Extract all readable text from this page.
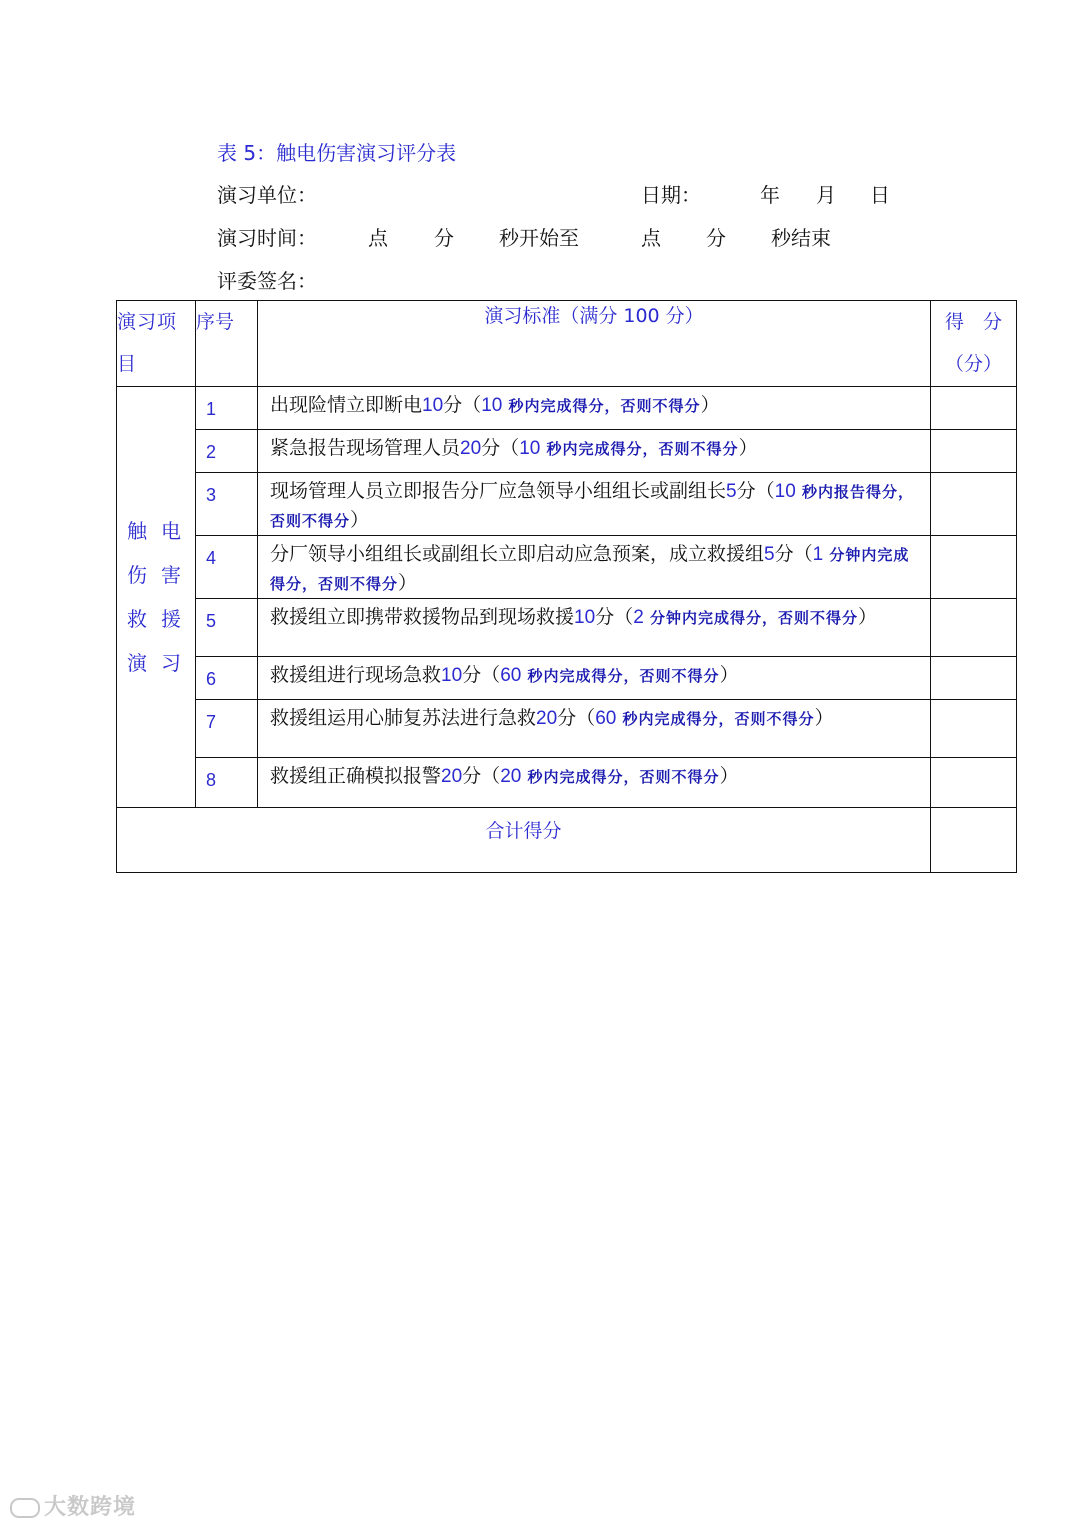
表 5：触电伤害演习评分表
演习单位：	日期：	年 月 日
演习时间：	点 分 秒开始至	点 分 秒结束
评委签名：
演习项目	序号	演习标准（满分 100 分）	得　分（分）
触电伤害救援演习	1	出现险情立即断电10分（10 秒内完成得分，否则不得分）	
	2	紧急报告现场管理人员20分（10 秒内完成得分，否则不得分）	
	3	现场管理人员立即报告分厂应急领导小组组长或副组长5分（10 秒内报告得分，否则不得分）	
	4	分厂领导小组组长或副组长立即启动应急预案，成立救援组5分（1 分钟内完成得分，否则不得分）	
	5	救援组立即携带救援物品到现场救援10分（2 分钟内完成得分，否则不得分）	
	6	救援组进行现场急救10分（60 秒内完成得分，否则不得分）	
	7	救援组运用心肺复苏法进行急救20分（60 秒内完成得分，否则不得分）	
	8	救援组正确模拟报警20分（20 秒内完成得分，否则不得分）	
合计得分			
大数跨境
